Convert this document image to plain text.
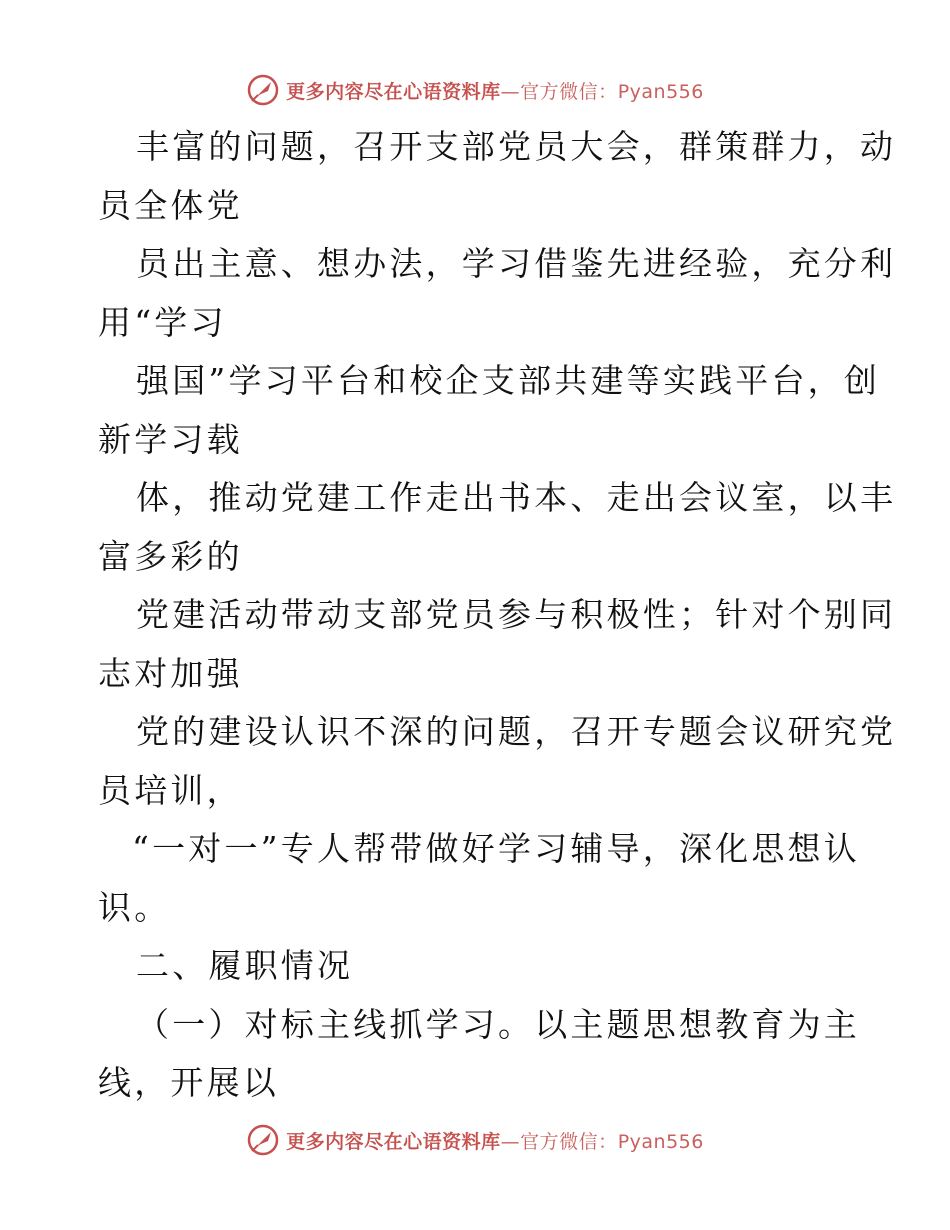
更多内容尽在心语资料库—官方微信：Pyan556
丰富的问题，召开支部党员大会，群策群力，动
员全体党
员出主意、想办法，学习借鉴先进经验，充分利
用“学习
强国”学习平台和校企支部共建等实践平台，创
新学习载
体，推动党建工作走出书本、走出会议室，以丰
富多彩的
党建活动带动支部党员参与积极性；针对个别同
志对加强
党的建设认识不深的问题，召开专题会议研究党
员培训，
“一对一”专人帮带做好学习辅导，深化思想认
识。
二、履职情况
（一）对标主线抓学习。以主题思想教育为主
线，开展以
更多内容尽在心语资料库—官方微信：Pyan556
